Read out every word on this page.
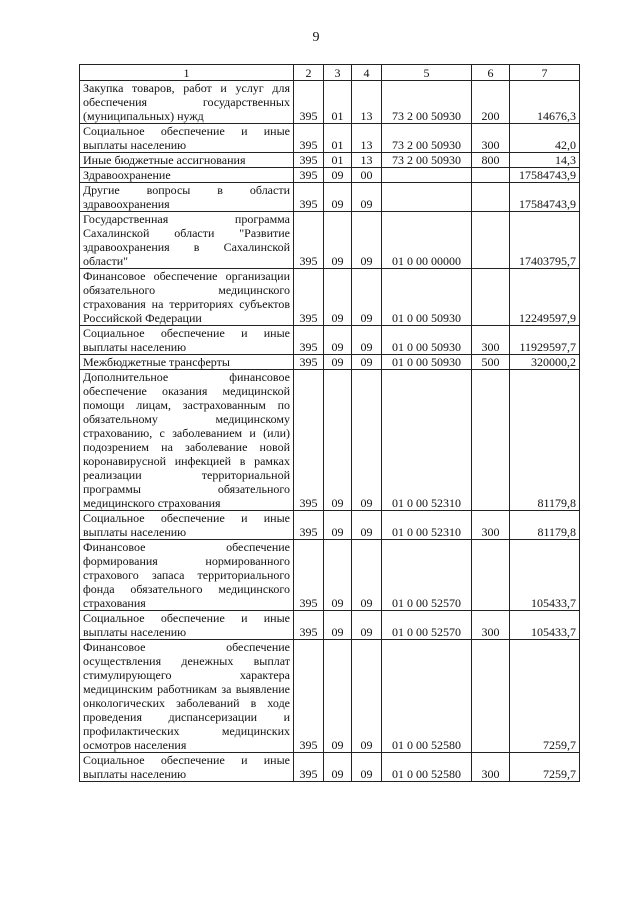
9
1	2	3	4	5	6	7
Закупка товаров, работ и услуг для обеспечения государственных (муниципальных) нужд	395	01	13	73 2 00 50930	200	14676,3
Социальное обеспечение и иные выплаты населению	395	01	13	73 2 00 50930	300	42,0
Иные бюджетные ассигнования	395	01	13	73 2 00 50930	800	14,3
Здравоохранение	395	09	00			17584743,9
Другие вопросы в области здравоохранения	395	09	09			17584743,9
Государственная программа Сахалинской области "Развитие здравоохранения в Сахалинской области"	395	09	09	01 0 00 00000		17403795,7
Финансовое обеспечение организации обязательного медицинского страхования на территориях субъектов Российской Федерации	395	09	09	01 0 00 50930		12249597,9
Социальное обеспечение и иные выплаты населению	395	09	09	01 0 00 50930	300	11929597,7
Межбюджетные трансферты	395	09	09	01 0 00 50930	500	320000,2
Дополнительное финансовое обеспечение оказания медицинской помощи лицам, застрахованным по обязательному медицинскому страхованию, с заболеванием и (или) подозрением на заболевание новой коронавирусной инфекцией в рамках реализации территориальной программы обязательного медицинского страхования	395	09	09	01 0 00 52310		81179,8
Социальное обеспечение и иные выплаты населению	395	09	09	01 0 00 52310	300	81179,8
Финансовое обеспечение формирования нормированного страхового запаса территориального фонда обязательного медицинского страхования	395	09	09	01 0 00 52570		105433,7
Социальное обеспечение и иные выплаты населению	395	09	09	01 0 00 52570	300	105433,7
Финансовое обеспечение осуществления денежных выплат стимулирующего характера медицинским работникам за выявление онкологических заболеваний в ходе проведения диспансеризации и профилактических медицинских осмотров населения	395	09	09	01 0 00 52580		7259,7
Социальное обеспечение и иные выплаты населению	395	09	09	01 0 00 52580	300	7259,7
